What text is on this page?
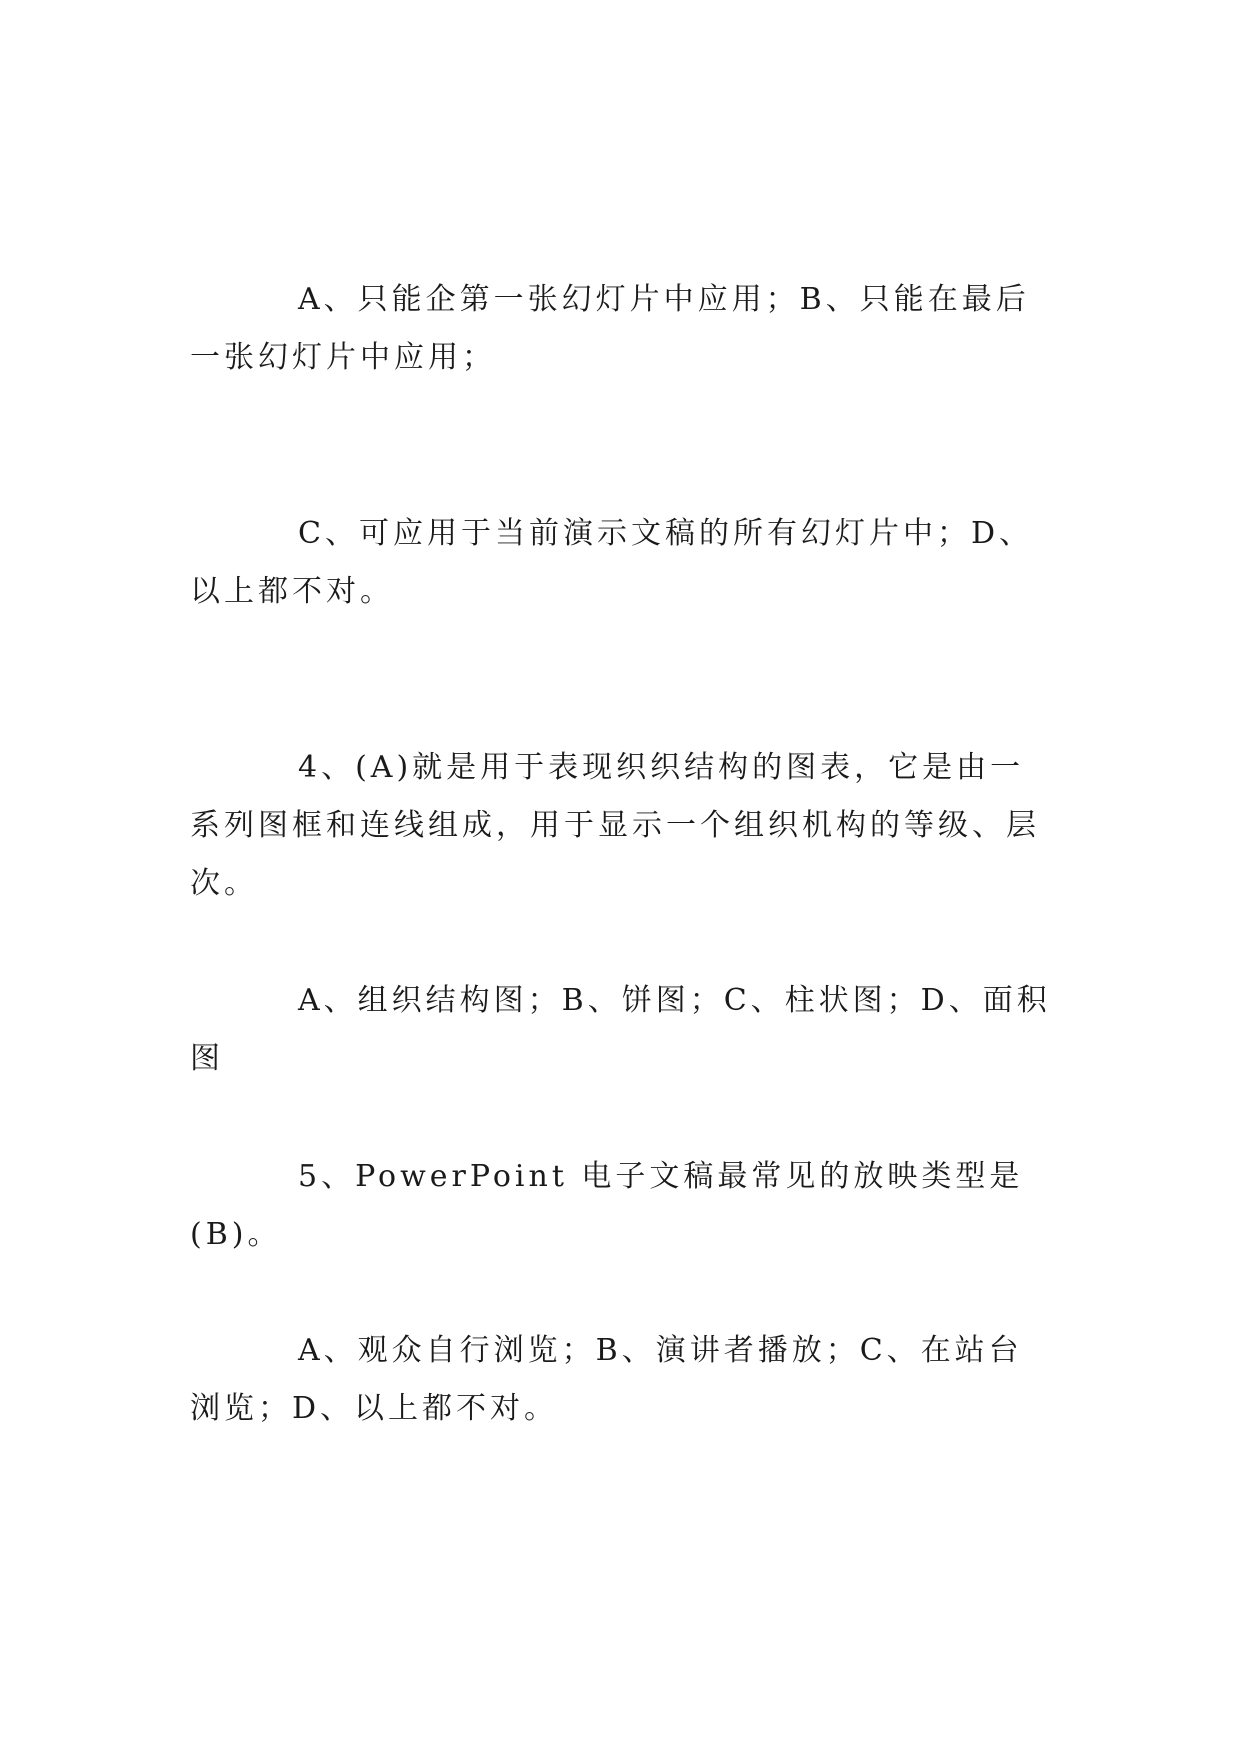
A、只能企第一张幻灯片中应用；B、只能在最后一张幻灯片中应用；

C、可应用于当前演示文稿的所有幻灯片中；D、以上都不对。

4、(A)就是用于表现织织结构的图表，它是由一系列图框和连线组成，用于显示一个组织机构的等级、层次。

A、组织结构图；B、饼图；C、柱状图；D、面积图

5、PowerPoint 电子文稿最常见的放映类型是(B)。

A、观众自行浏览；B、演讲者播放；C、在站台浏览；D、以上都不对。
